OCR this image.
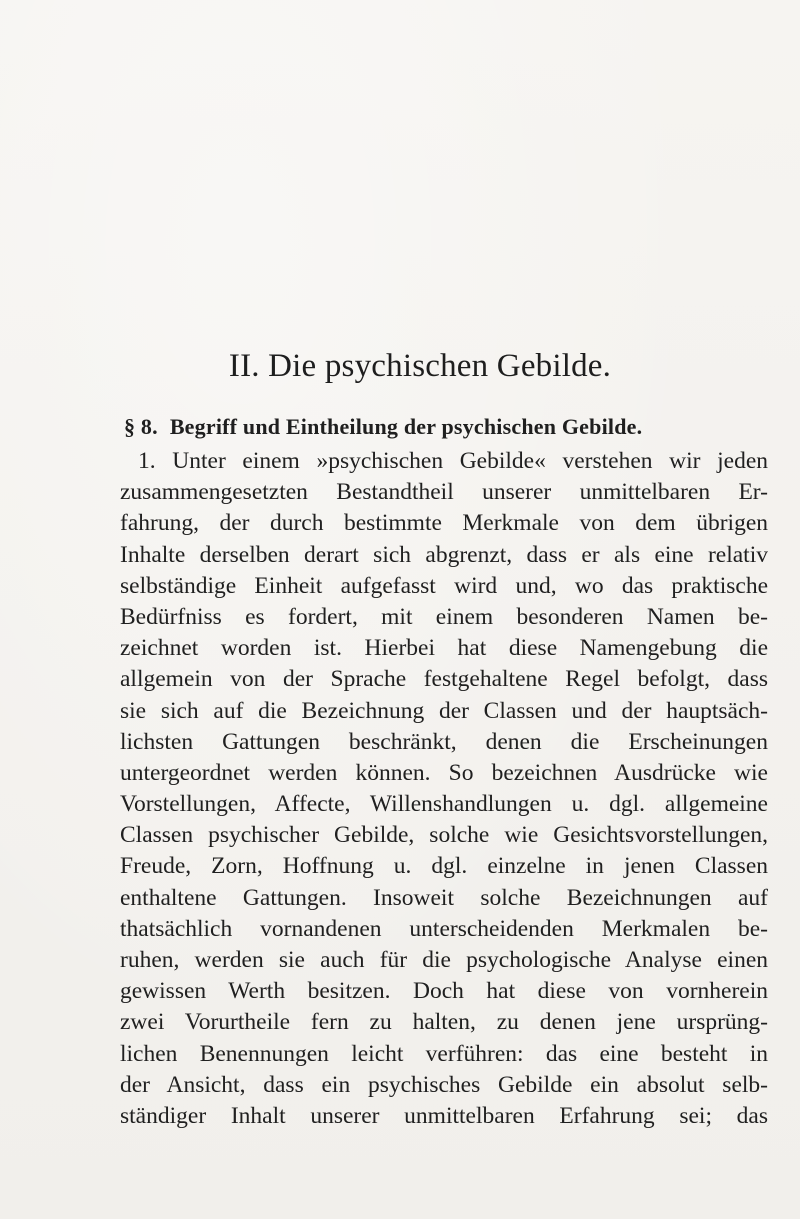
II. Die psychischen Gebilde.
§ 8. Begriff und Eintheilung der psychischen Gebilde.
1. Unter einem »psychischen Gebilde« verstehen wir jeden
zusammengesetzten Bestandtheil unserer unmittelbaren Er-
fahrung, der durch bestimmte Merkmale von dem übrigen
Inhalte derselben derart sich abgrenzt, dass er als eine relativ
selbständige Einheit aufgefasst wird und, wo das praktische
Bedürfniss es fordert, mit einem besonderen Namen be-
zeichnet worden ist. Hierbei hat diese Namengebung die
allgemein von der Sprache festgehaltene Regel befolgt, dass
sie sich auf die Bezeichnung der Classen und der hauptsäch-
lichsten Gattungen beschränkt, denen die Erscheinungen
untergeordnet werden können. So bezeichnen Ausdrücke wie
Vorstellungen, Affecte, Willenshandlungen u. dgl. allgemeine
Classen psychischer Gebilde, solche wie Gesichtsvorstellungen,
Freude, Zorn, Hoffnung u. dgl. einzelne in jenen Classen
enthaltene Gattungen. Insoweit solche Bezeichnungen auf
thatsächlich vornandenen unterscheidenden Merkmalen be-
ruhen, werden sie auch für die psychologische Analyse einen
gewissen Werth besitzen. Doch hat diese von vornherein
zwei Vorurtheile fern zu halten, zu denen jene ursprüng-
lichen Benennungen leicht verführen: das eine besteht in
der Ansicht, dass ein psychisches Gebilde ein absolut selb-
ständiger Inhalt unserer unmittelbaren Erfahrung sei; das
